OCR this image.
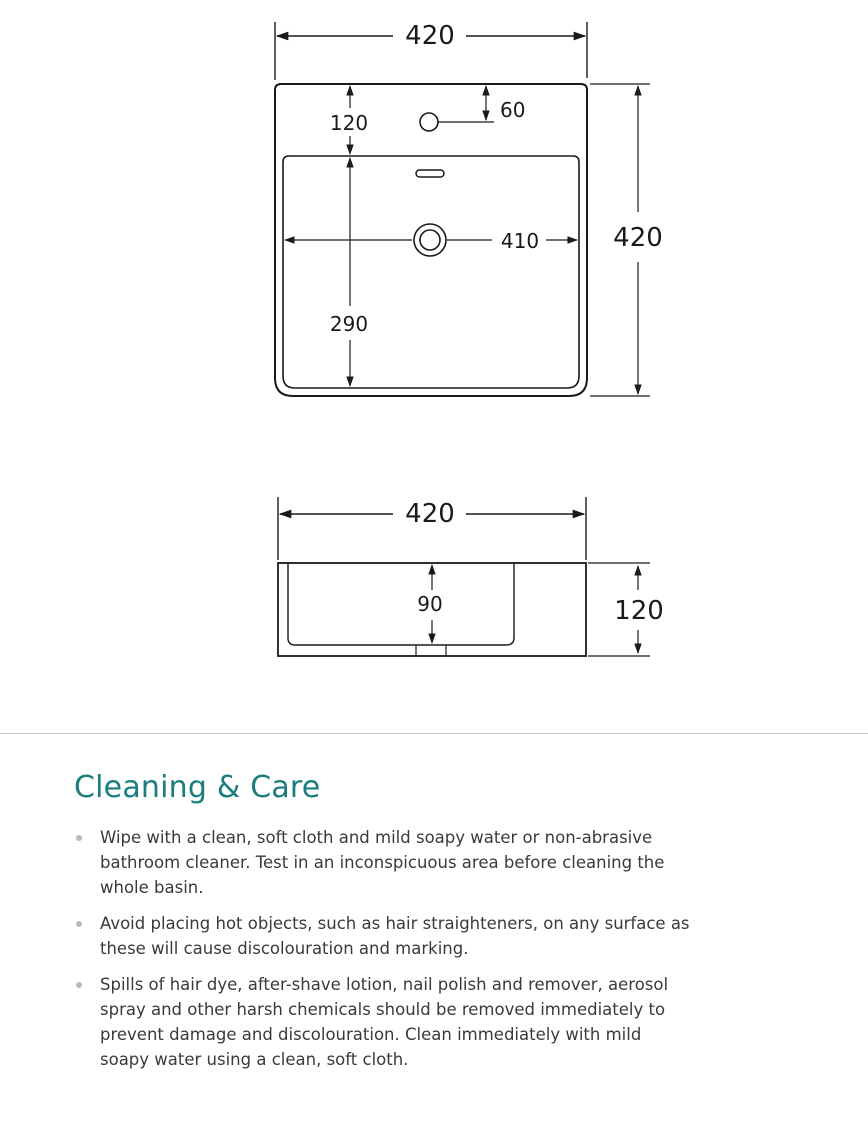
420
120
60
410
290
420
420
90	120
Cleaning & Care
Wipe with a clean, soft cloth and mild soapy water or non-abrasive bathroom cleaner. Test in an inconspicuous area before cleaning the whole basin.
Avoid placing hot objects, such as hair straighteners, on any surface as these will cause discolouration and marking.
Spills of hair dye, after-shave lotion, nail polish and remover, aerosol spray and other harsh chemicals should be removed immediately to prevent damage and discolouration. Clean immediately with mild soapy water using a clean, soft cloth.
